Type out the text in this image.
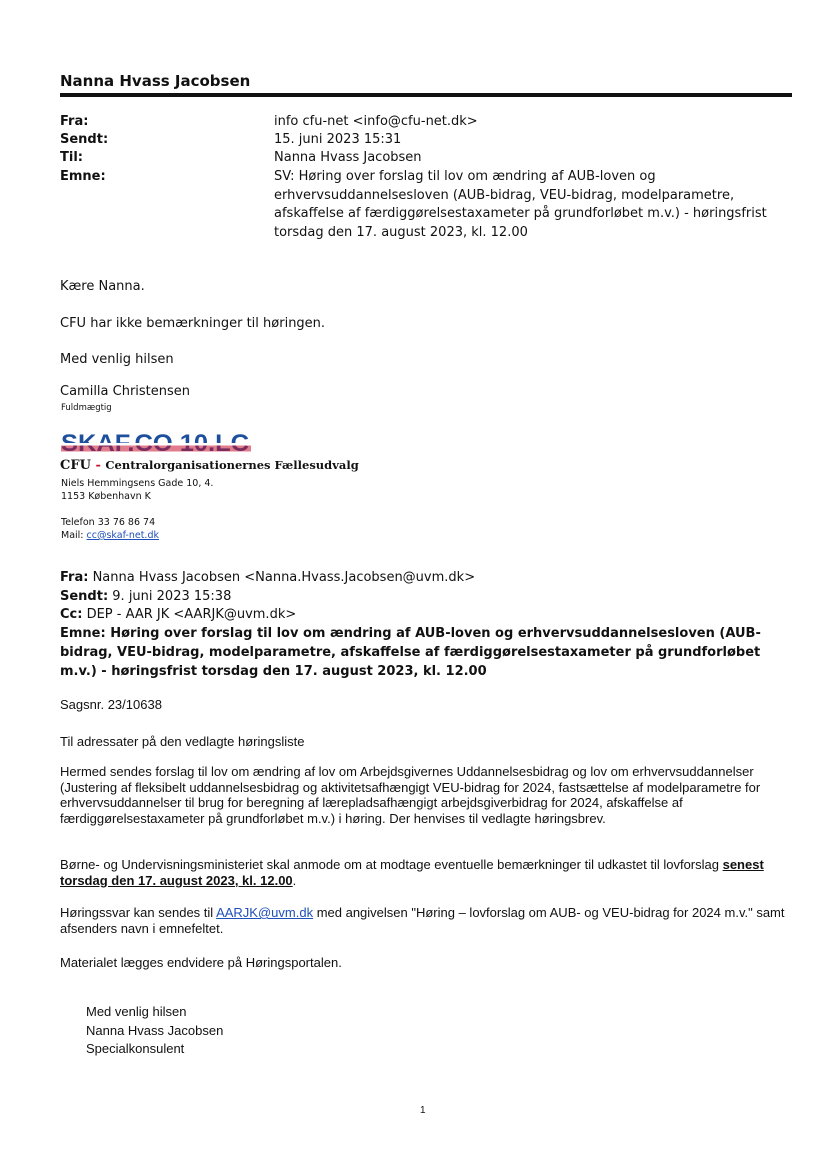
Nanna Hvass Jacobsen
Fra:	info cfu-net <info@cfu-net.dk>
Sendt:	15. juni 2023 15:31
Til:	Nanna Hvass Jacobsen
Emne:	SV: Høring over forslag til lov om ændring af AUB-loven og erhvervsuddannelsesloven (AUB-bidrag, VEU-bidrag, modelparametre, afskaffelse af færdiggørelsestaxameter på grundforløbet m.v.) - høringsfrist torsdag den 17. august 2023, kl. 12.00
Kære Nanna.
CFU har ikke bemærkninger til høringen.
Med venlig hilsen
Camilla Christensen
Fuldmægtig
CFU - Centralorganisationernes Fællesudvalg
Niels Hemmingsens Gade 10, 4.
1153 København K
Telefon 33 76 86 74
Mail: cc@skaf-net.dk
Fra: Nanna Hvass Jacobsen <Nanna.Hvass.Jacobsen@uvm.dk>
Sendt: 9. juni 2023 15:38
Cc: DEP - AAR JK <AARJK@uvm.dk>
Emne: Høring over forslag til lov om ændring af AUB-loven og erhvervsuddannelsesloven (AUB-bidrag, VEU-bidrag, modelparametre, afskaffelse af færdiggørelsestaxameter på grundforløbet m.v.) - høringsfrist torsdag den 17. august 2023, kl. 12.00
Sagsnr. 23/10638
Til adressater på den vedlagte høringsliste
Hermed sendes forslag til lov om ændring af lov om Arbejdsgivernes Uddannelsesbidrag og lov om erhvervsuddannelser (Justering af fleksibelt uddannelsesbidrag og aktivitetsafhængigt VEU-bidrag for 2024, fastsættelse af modelparametre for erhvervsuddannelser til brug for beregning af lærepladsafhængigt arbejdsgiverbidrag for 2024, afskaffelse af færdiggørelsestaxameter på grundforløbet m.v.) i høring. Der henvises til vedlagte høringsbrev.
Børne- og Undervisningsministeriet skal anmode om at modtage eventuelle bemærkninger til udkastet til lovforslag senest torsdag den 17. august 2023, kl. 12.00.
Høringssvar kan sendes til AARJK@uvm.dk med angivelsen "Høring – lovforslag om AUB- og VEU-bidrag for 2024 m.v." samt afsenders navn i emnefeltet.
Materialet lægges endvidere på Høringsportalen.
Med venlig hilsen
Nanna Hvass Jacobsen
Specialkonsulent
1
